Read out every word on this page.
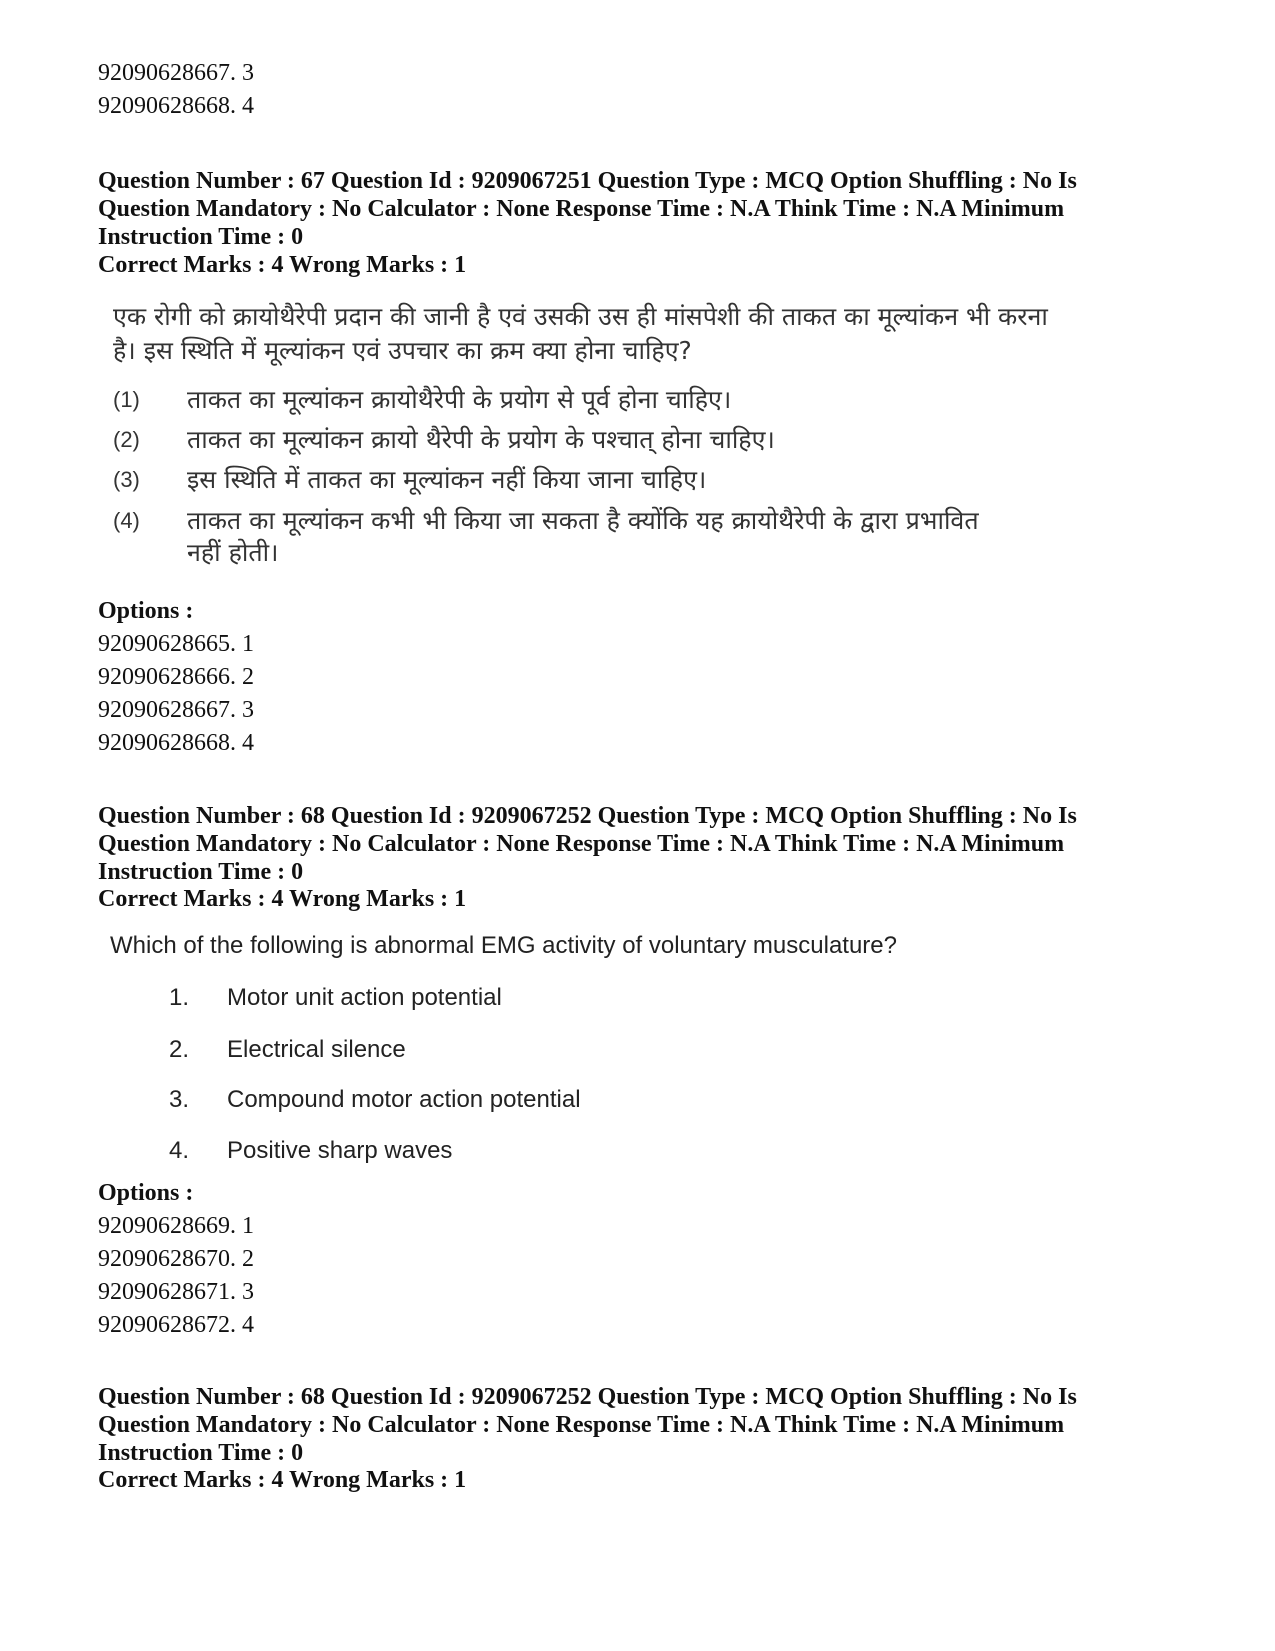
92090628667. 3
92090628668. 4
Question Number : 67 Question Id : 9209067251 Question Type : MCQ Option Shuffling : No Is
Question Mandatory : No Calculator : None Response Time : N.A Think Time : N.A Minimum
Instruction Time : 0
Correct Marks : 4 Wrong Marks : 1
एक रोगी को क्रायोथैरेपी प्रदान की जानी है एवं उसकी उस ही मांसपेशी की ताकत का मूल्यांकन भी करना
है। इस स्थिति में मूल्यांकन एवं उपचार का क्रम क्या होना चाहिए?
(1) ताकत का मूल्यांकन क्रायोथैरेपी के प्रयोग से पूर्व होना चाहिए।
(2) ताकत का मूल्यांकन क्रायो थैरेपी के प्रयोग के पश्चात् होना चाहिए।
(3) इस स्थिति में ताकत का मूल्यांकन नहीं किया जाना चाहिए।
(4) ताकत का मूल्यांकन कभी भी किया जा सकता है क्योंकि यह क्रायोथैरेपी के द्वारा प्रभावित
नहीं होती।
Options :
92090628665. 1
92090628666. 2
92090628667. 3
92090628668. 4
Question Number : 68 Question Id : 9209067252 Question Type : MCQ Option Shuffling : No Is
Question Mandatory : No Calculator : None Response Time : N.A Think Time : N.A Minimum
Instruction Time : 0
Correct Marks : 4 Wrong Marks : 1
Which of the following is abnormal EMG activity of voluntary musculature?
1. Motor unit action potential
2. Electrical silence
3. Compound motor action potential
4. Positive sharp waves
Options :
92090628669. 1
92090628670. 2
92090628671. 3
92090628672. 4
Question Number : 68 Question Id : 9209067252 Question Type : MCQ Option Shuffling : No Is
Question Mandatory : No Calculator : None Response Time : N.A Think Time : N.A Minimum
Instruction Time : 0
Correct Marks : 4 Wrong Marks : 1
